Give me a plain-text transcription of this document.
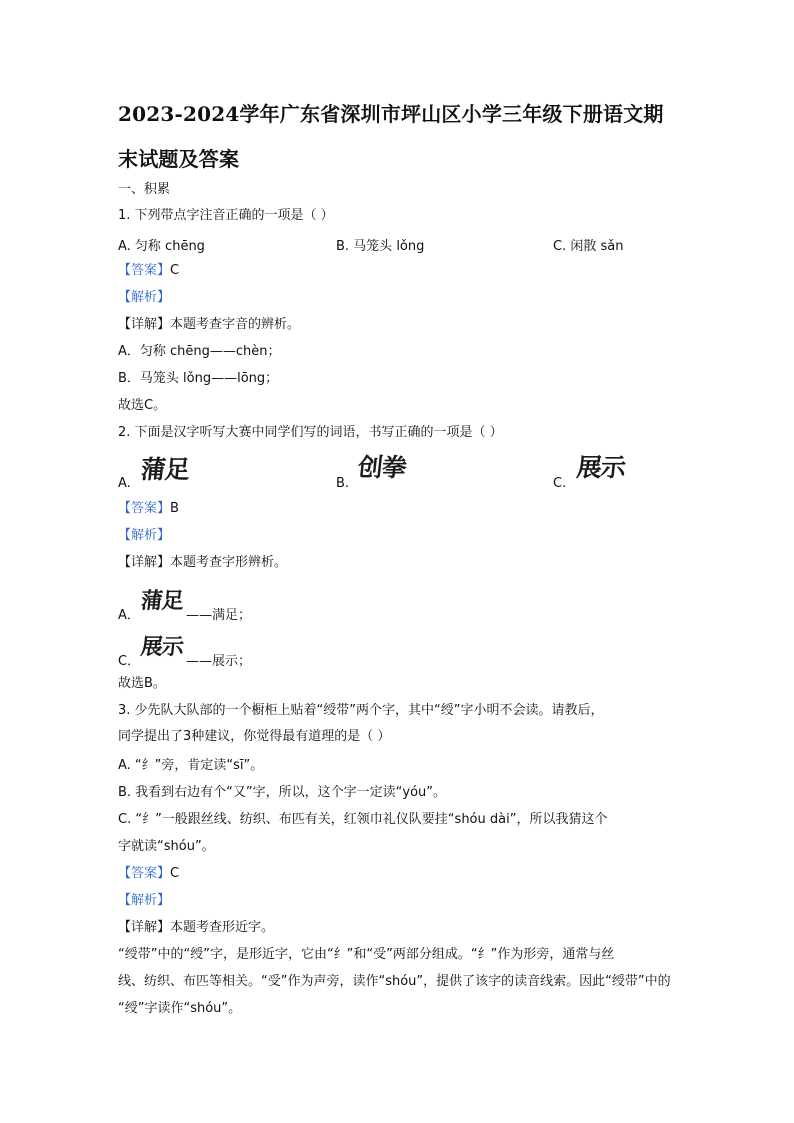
2023-2024学年广东省深圳市坪山区小学三年级下册语文期
末试题及答案
一、积累
1. 下列带点字注音正确的一项是（ ）
A. 匀称 chēng	B. 马笼头 lǒng	C. 闲散 sǎn
【答案】C
【解析】
【详解】本题考查字音的辨析。
A．匀称 chēng——chèn；
B．马笼头 lǒng——lōng；
故选C。
2. 下面是汉字听写大赛中同学们写的词语，书写正确的一项是（ ）
A. 蒲足	B.
创拳
C.
展示
【答案】B
【解析】
【详解】本题考查字形辨析。
A．
蒲足
——满足；
C．
展示
——展示；
故选B。
3. 少先队大队部的一个橱柜上贴着“绶带”两个字，其中“绶”字小明不会读。请教后，
同学提出了3种建议，你觉得最有道理的是（ ）
A. “纟”旁，肯定读“sī”。
B. 我看到右边有个“又”字，所以，这个字一定读“yóu”。
C. “纟”一般跟丝线、纺织、布匹有关，红领巾礼仪队要挂“shóu dài”，所以我猜这个
字就读“shóu”。
【答案】C
【解析】
【详解】本题考查形近字。
“绶带”中的“绶”字，是形近字，它由“纟”和“受”两部分组成。“纟”作为形旁，通常与丝
线、纺织、布匹等相关。“受”作为声旁，读作“shóu”，提供了该字的读音线索。因此“绶带”中的
“绶”字读作“shóu”。
